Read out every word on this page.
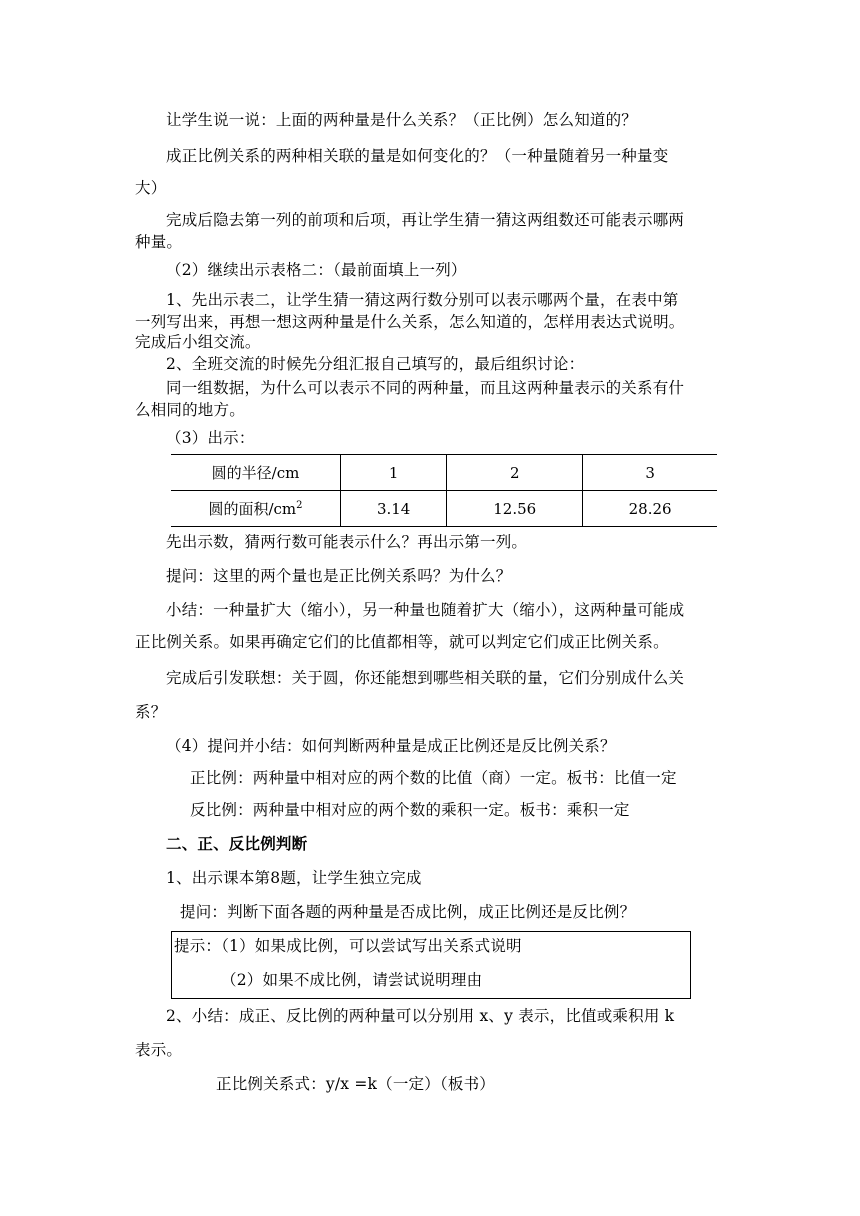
让学生说一说：上面的两种量是什么关系？（正比例）怎么知道的？
成正比例关系的两种相关联的量是如何变化的？（一种量随着另一种量变
大）
完成后隐去第一列的前项和后项，再让学生猜一猜这两组数还可能表示哪两
种量。
（2）继续出示表格二：（最前面填上一列）
1、先出示表二，让学生猜一猜这两行数分别可以表示哪两个量，在表中第
一列写出来，再想一想这两种量是什么关系，怎么知道的，怎样用表达式说明。
完成后小组交流。
2、全班交流的时候先分组汇报自己填写的，最后组织讨论：
同一组数据，为什么可以表示不同的两种量，而且这两种量表示的关系有什
么相同的地方。
（3）出示：
圆的半径/cm	1	2	3
圆的面积$/cm^2$	3.14	12.56	28.26
先出示数，猜两行数可能表示什么？再出示第一列。
提问：这里的两个量也是正比例关系吗？为什么？
小结：一种量扩大（缩小），另一种量也随着扩大（缩小），这两种量可能成
正比例关系。如果再确定它们的比值都相等，就可以判定它们成正比例关系。
完成后引发联想：关于圆，你还能想到哪些相关联的量，它们分别成什么关
系？
（4）提问并小结：如何判断两种量是成正比例还是反比例关系？
正比例：两种量中相对应的两个数的比值（商）一定。板书：比值一定
反比例：两种量中相对应的两个数的乘积一定。板书：乘积一定
二、正、反比例判断
1、出示课本第8题，让学生独立完成
提问：判断下面各题的两种量是否成比例，成正比例还是反比例？
提示：（1）如果成比例，可以尝试写出关系式说明
（2）如果不成比例，请尝试说明理由
2、小结：成正、反比例的两种量可以分别用 x、y 表示，比值或乘积用 k
表示。
正比例关系式：y/x =k（一定）（板书）
